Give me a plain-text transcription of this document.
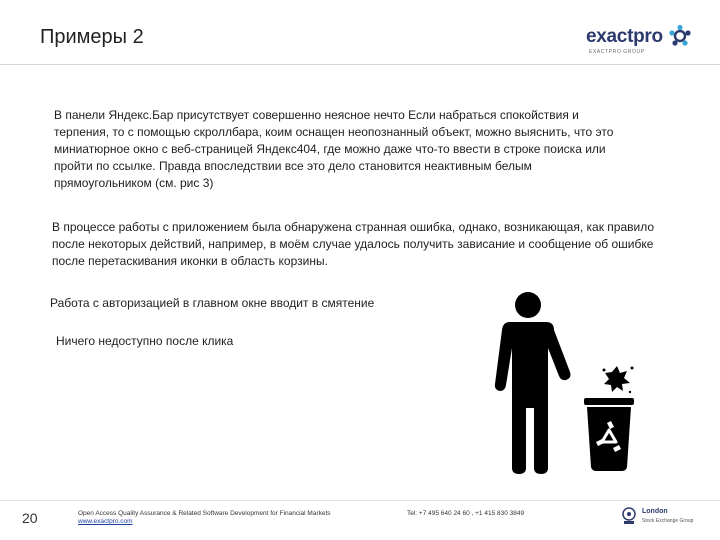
Примеры 2	exactpro
EXACTPRO GROUP
В панели Яндекс.Бар присутствует совершенно неясное нечто Если набраться спокойствия и терпения, то с помощью скроллбара, коим оснащен неопознанный объект, можно выяснить, что это миниатюрное окно с веб-страницей Яндекс404, где можно даже что-то ввести в строке поиска или пройти по ссылке. Правда впоследствии все это дело становится неактивным белым прямоугольником (см. рис 3)
В процессе работы с приложением была обнаружена странная ошибка, однако, возникающая, как правило после некоторых действий, например, в моём случае удалось получить зависание и сообщение об ошибке после перетаскивания иконки в область корзины.
Работа с авторизацией в главном окне вводит в смятение
Ничего недоступно после клика
20	Open Access Quality Assurance & Related Software Development for Financial Markets
www.exactpro.com
Tel: +7 495 640 24 60 , +1 415 830 3849	London
Stock Exchange Group
